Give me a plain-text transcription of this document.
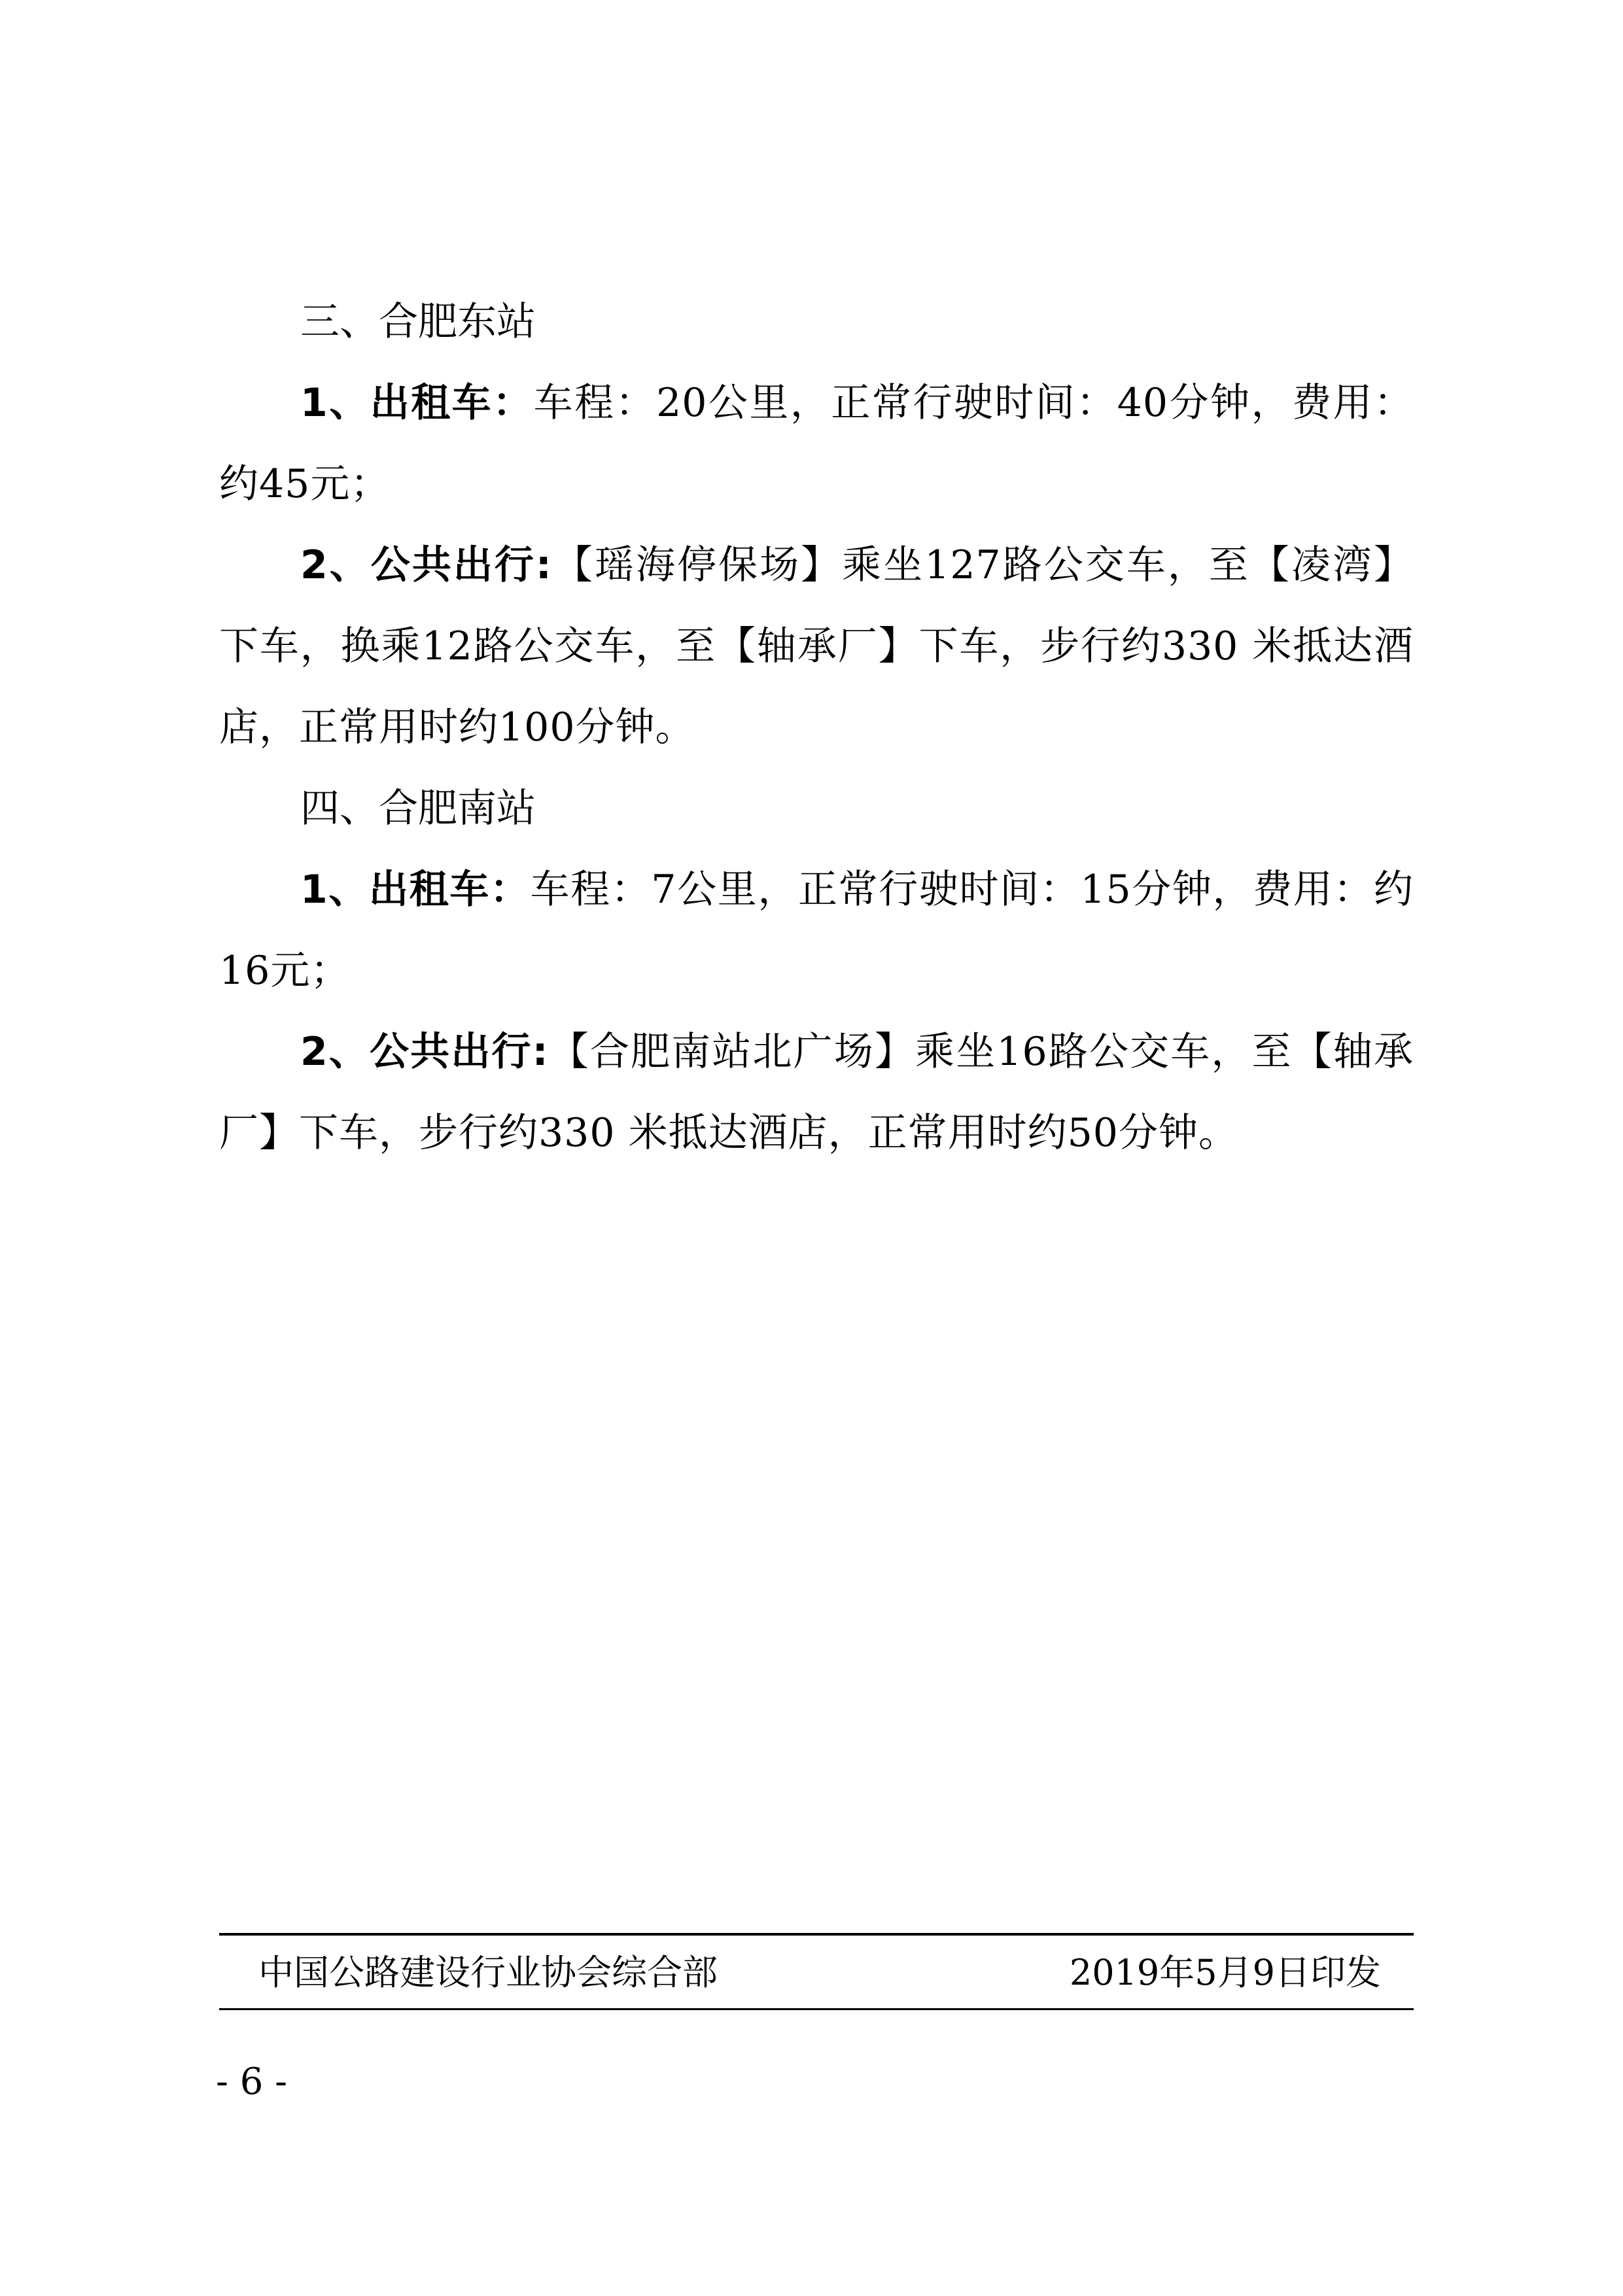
三、合肥东站

1、出租车：车程：20公里，正常行驶时间：40分钟，费用：约45元；

2、公共出行:【瑶海停保场】乘坐127路公交车，至【凌湾】下车，换乘12路公交车，至【轴承厂】下车，步行约330 米抵达酒店，正常用时约100分钟。

四、合肥南站

1、出租车：车程：7公里，正常行驶时间：15分钟，费用：约16元；

2、公共出行:【合肥南站北广场】乘坐16路公交车，至【轴承厂】下车，步行约330 米抵达酒店，正常用时约50分钟。

中国公路建设行业协会综合部	2019年5月9日印发
- 6 -
